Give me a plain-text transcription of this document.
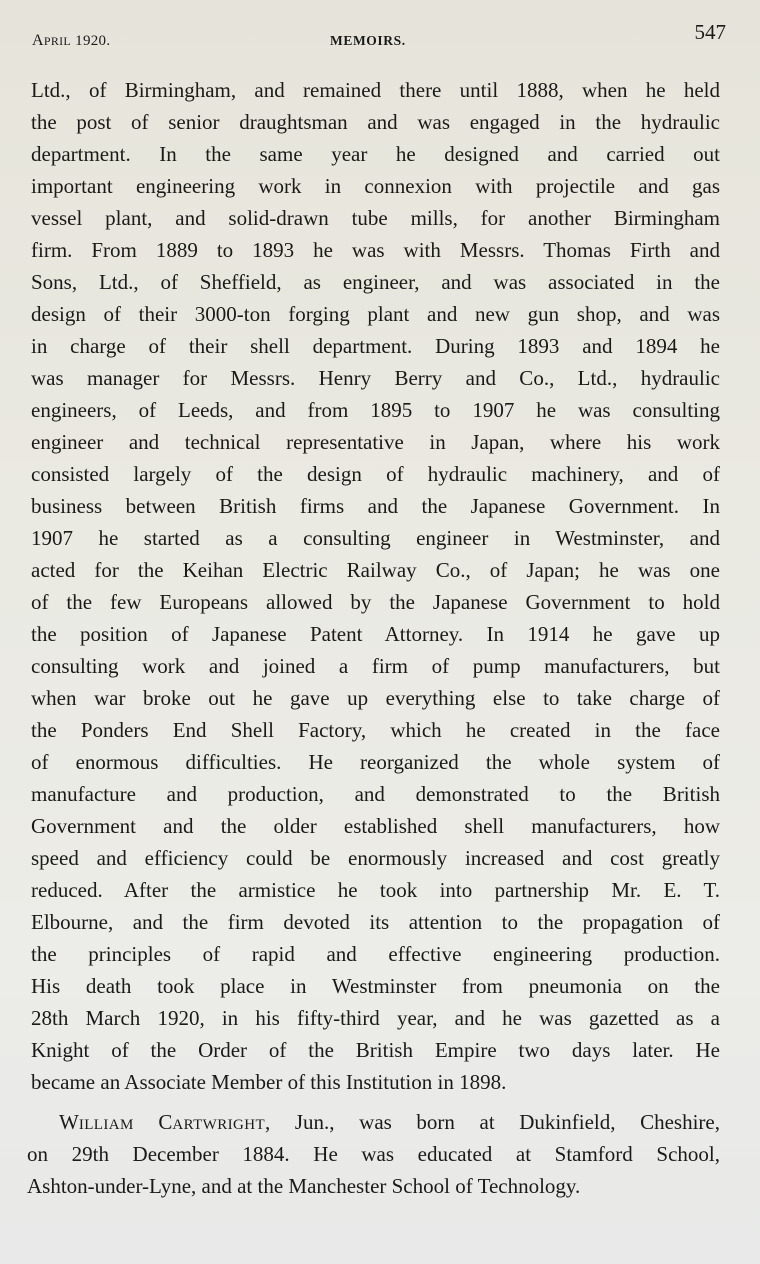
APRIL 1920.	MEMOIRS.	547
Ltd., of Birmingham, and remained there until 1888, when he held
the post of senior draughtsman and was engaged in the hydraulic
department. In the same year he designed and carried out
important engineering work in connexion with projectile and gas
vessel plant, and solid-drawn tube mills, for another Birmingham
firm. From 1889 to 1893 he was with Messrs. Thomas Firth and
Sons, Ltd., of Sheffield, as engineer, and was associated in the
design of their 3000-ton forging plant and new gun shop, and was
in charge of their shell department. During 1893 and 1894 he
was manager for Messrs. Henry Berry and Co., Ltd., hydraulic
engineers, of Leeds, and from 1895 to 1907 he was consulting
engineer and technical representative in Japan, where his work
consisted largely of the design of hydraulic machinery, and of
business between British firms and the Japanese Government. In
1907 he started as a consulting engineer in Westminster, and
acted for the Keihan Electric Railway Co., of Japan; he was one
of the few Europeans allowed by the Japanese Government to hold
the position of Japanese Patent Attorney. In 1914 he gave up
consulting work and joined a firm of pump manufacturers, but
when war broke out he gave up everything else to take charge of
the Ponders End Shell Factory, which he created in the face
of enormous difficulties. He reorganized the whole system of
manufacture and production, and demonstrated to the British
Government and the older established shell manufacturers, how
speed and efficiency could be enormously increased and cost greatly
reduced. After the armistice he took into partnership Mr. E. T.
Elbourne, and the firm devoted its attention to the propagation of
the principles of rapid and effective engineering production.
His death took place in Westminster from pneumonia on the
28th March 1920, in his fifty-third year, and he was gazetted as a
Knight of the Order of the British Empire two days later. He
became an Associate Member of this Institution in 1898.
WILLIAM CARTWRIGHT, Jun., was born at Dukinfield, Cheshire,
on 29th December 1884. He was educated at Stamford School,
Ashton-under-Lyne, and at the Manchester School of Technology.
